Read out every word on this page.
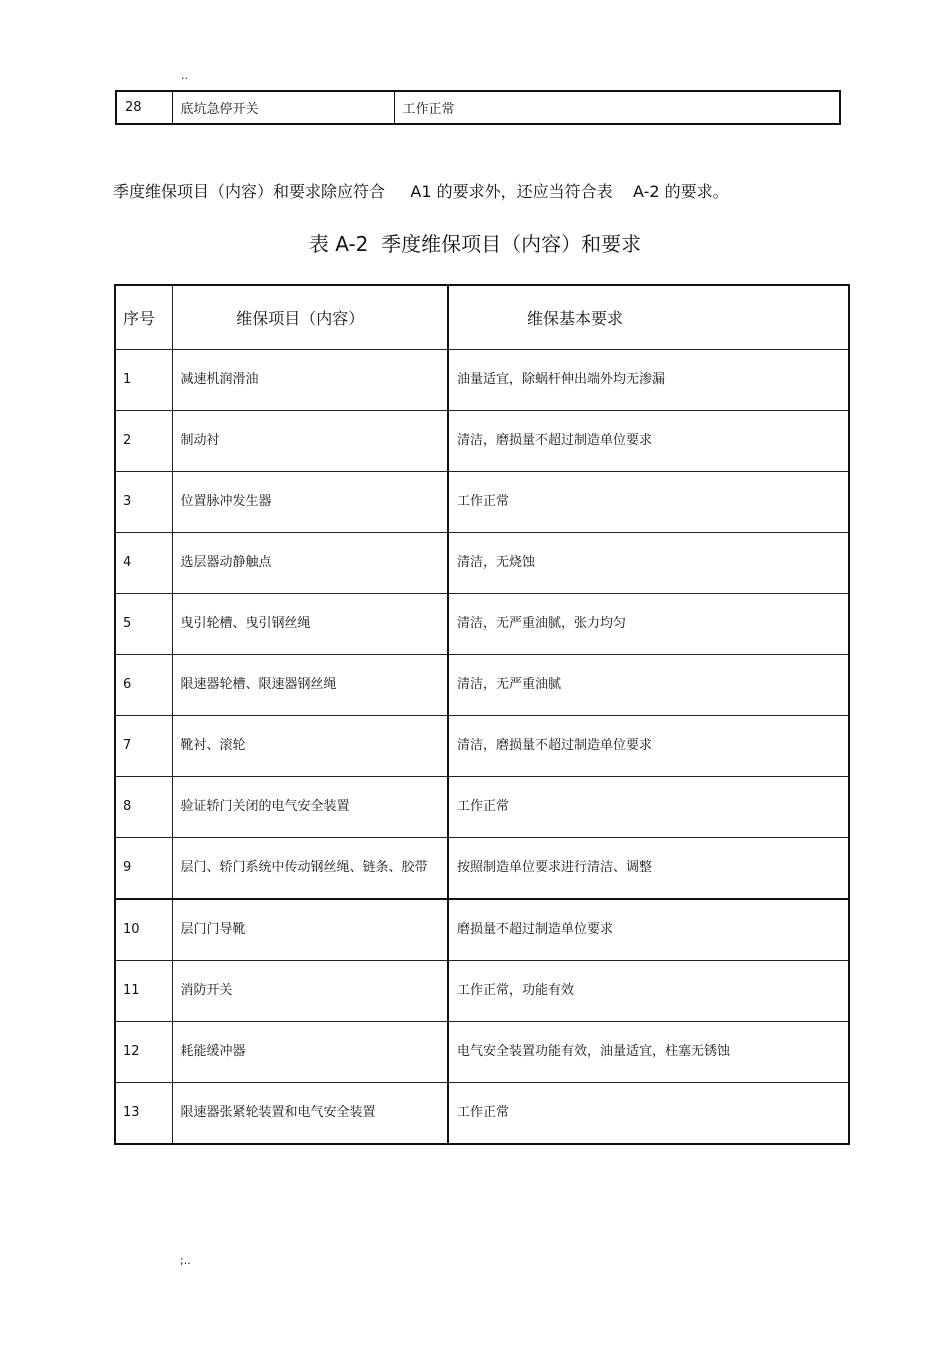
..
28	底坑急停开关	工作正常
季度维保项目（内容）和要求除应符合     A1 的要求外，还应当符合表    A-2 的要求。
表 A-2  季度维保项目（内容）和要求
序号	维保项目（内容）	维保基本要求
1	减速机润滑油	油量适宜，除蜗杆伸出端外均无渗漏
2	制动衬	清洁，磨损量不超过制造单位要求
3	位置脉冲发生器	工作正常
4	选层器动静触点	清洁，无烧蚀
5	曳引轮槽、曳引钢丝绳	清洁，无严重油腻，张力均匀
6	限速器轮槽、限速器钢丝绳	清洁，无严重油腻
7	靴衬、滚轮	清洁，磨损量不超过制造单位要求
8	验证轿门关闭的电气安全装置	工作正常
9	层门、轿门系统中传动钢丝绳、链条、胶带	按照制造单位要求进行清洁、调整
10	层门门导靴	磨损量不超过制造单位要求
11	消防开关	工作正常，功能有效
12	耗能缓冲器	电气安全装置功能有效，油量适宜，柱塞无锈蚀
13	限速器张紧轮装置和电气安全装置	工作正常
;..
